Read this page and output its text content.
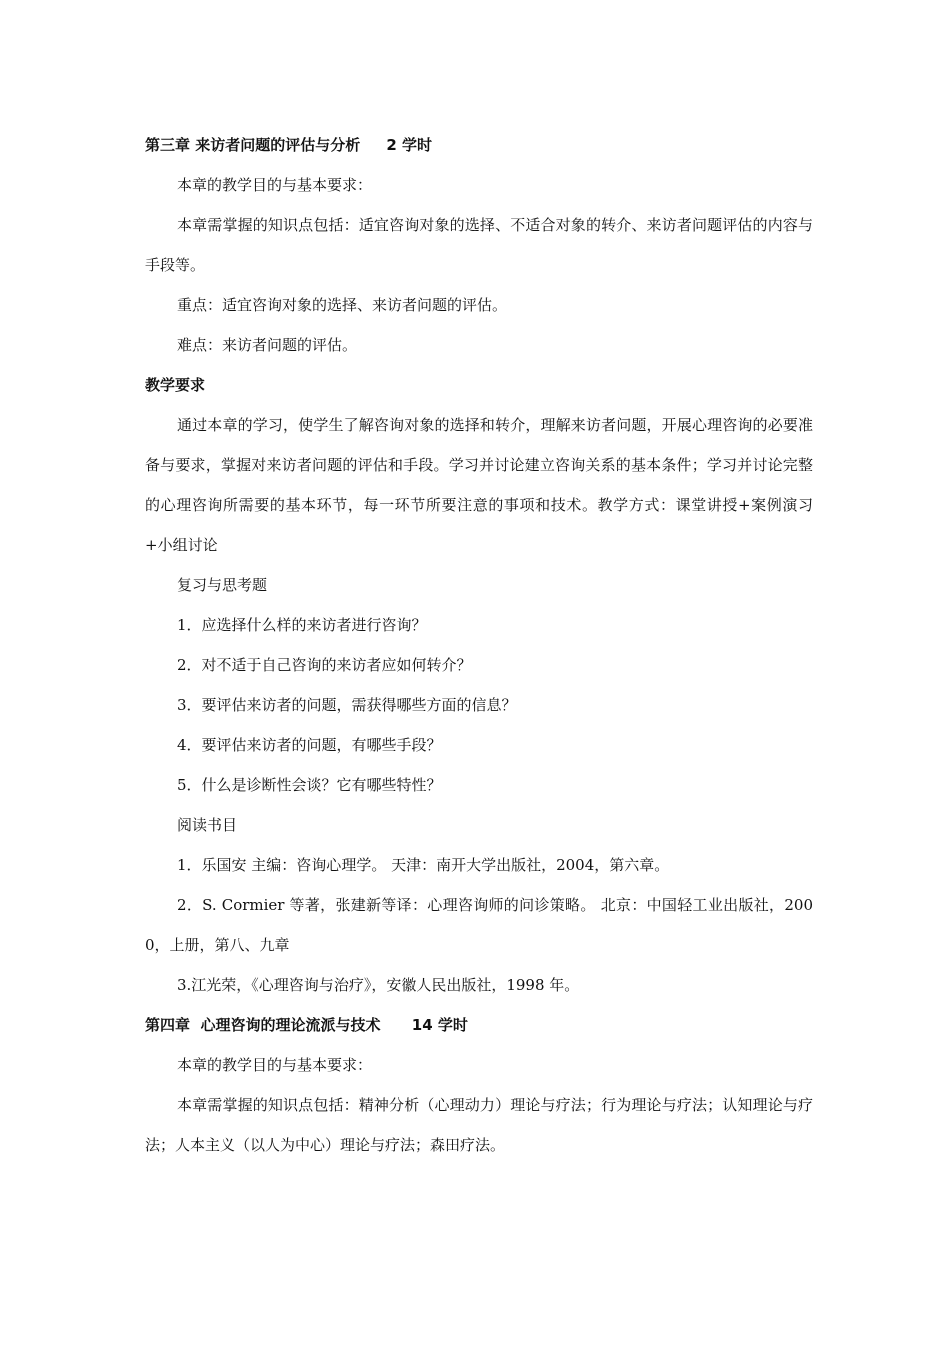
第三章 来访者问题的评估与分析     2 学时

本章的教学目的与基本要求：

本章需掌握的知识点包括：适宜咨询对象的选择、不适合对象的转介、来访者问题评估的内容与手段等。

重点：适宜咨询对象的选择、来访者问题的评估。

难点：来访者问题的评估。

教学要求

通过本章的学习，使学生了解咨询对象的选择和转介，理解来访者问题，开展心理咨询的必要准备与要求，掌握对来访者问题的评估和手段。学习并讨论建立咨询关系的基本条件；学习并讨论完整的心理咨询所需要的基本环节，每一环节所要注意的事项和技术。教学方式：课堂讲授+案例演习+小组讨论

复习与思考题

1．应选择什么样的来访者进行咨询？

2．对不适于自己咨询的来访者应如何转介？

3．要评估来访者的问题，需获得哪些方面的信息？

4．要评估来访者的问题，有哪些手段？

5．什么是诊断性会谈？它有哪些特性？

阅读书目

1．乐国安 主编：咨询心理学。 天津：南开大学出版社，2004，第六章。

2．S. Cormier 等著，张建新等译：心理咨询师的问诊策略。 北京：中国轻工业出版社，2000，上册，第八、九章

3.江光荣，《心理咨询与治疗》，安徽人民出版社，1998 年。

第四章  心理咨询的理论流派与技术      14 学时

本章的教学目的与基本要求：

本章需掌握的知识点包括：精神分析（心理动力）理论与疗法；行为理论与疗法；认知理论与疗法；人本主义（以人为中心）理论与疗法；森田疗法。
